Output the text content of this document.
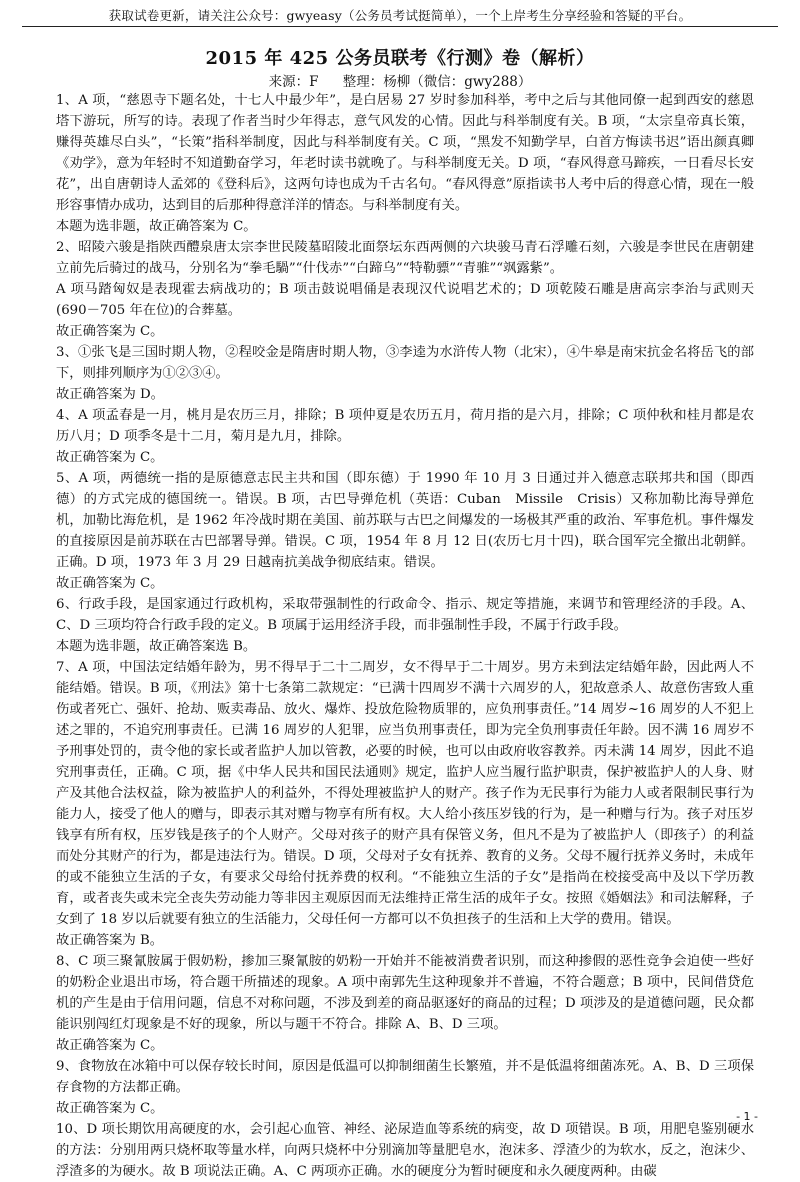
获取试卷更新，请关注公众号：gwyeasy（公务员考试挺简单），一个上岸考生分享经验和答疑的平台。
2015 年 425 公务员联考《行测》卷（解析）
来源：F 整理：杨柳（微信：gwy288）

1、A 项，“慈恩寺下题名处，十七人中最少年”，是白居易 27 岁时参加科举，考中之后与其他同僚一起到西安的慈恩塔下游玩，所写的诗。表现了作者当时少年得志，意气风发的心情。因此与科举制度有关。B 项，“太宗皇帝真长策，赚得英雄尽白头”，“长策”指科举制度，因此与科举制度有关。C 项，“黑发不知勤学早，白首方悔读书迟”语出颜真卿《劝学》，意为年轻时不知道勤奋学习，年老时读书就晚了。与科举制度无关。D 项，“春风得意马蹄疾，一日看尽长安花”，出自唐朝诗人孟郊的《登科后》，这两句诗也成为千古名句。“春风得意”原指读书人考中后的得意心情，现在一般形容事情办成功，达到目的后那种得意洋洋的情态。与科举制度有关。

本题为选非题，故正确答案为 C。

2、昭陵六骏是指陕西醴泉唐太宗李世民陵墓昭陵北面祭坛东西两侧的六块骏马青石浮雕石刻，六骏是李世民在唐朝建立前先后骑过的战马，分别名为“拳毛騧”“什伐赤”“白蹄乌”“特勒骠”“青骓”“飒露紫”。

A 项马踏匈奴是表现霍去病战功的；B 项击鼓说唱俑是表现汉代说唱艺术的；D 项乾陵石雕是唐高宗李治与武则天(690－705 年在位)的合葬墓。

故正确答案为 C。

3、①张飞是三国时期人物，②程咬金是隋唐时期人物，③李逵为水浒传人物（北宋），④牛皋是南宋抗金名将岳飞的部下，则排列顺序为①②③④。

故正确答案为 D。

4、A 项孟春是一月，桃月是农历三月，排除；B 项仲夏是农历五月，荷月指的是六月，排除；C 项仲秋和桂月都是农历八月；D 项季冬是十二月，菊月是九月，排除。

故正确答案为 C。

5、A 项，两德统一指的是原德意志民主共和国（即东德）于 1990 年 10 月 3 日通过并入德意志联邦共和国（即西德）的方式完成的德国统一。错误。B 项，古巴导弹危机（英语：Cuban　Missile　Crisis）又称加勒比海导弹危机，加勒比海危机，是 1962 年冷战时期在美国、前苏联与古巴之间爆发的一场极其严重的政治、军事危机。事件爆发的直接原因是前苏联在古巴部署导弹。错误。C 项，1954 年 8 月 12 日(农历七月十四)，联合国军完全撤出北朝鲜。正确。D 项，1973 年 3 月 29 日越南抗美战争彻底结束。错误。

故正确答案为 C。

6、行政手段，是国家通过行政机构，采取带强制性的行政命令、指示、规定等措施，来调节和管理经济的手段。A、C、D 三项均符合行政手段的定义。B 项属于运用经济手段，而非强制性手段，不属于行政手段。

本题为选非题，故正确答案选 B。

7、A 项，中国法定结婚年龄为，男不得早于二十二周岁，女不得早于二十周岁。男方未到法定结婚年龄，因此两人不能结婚。错误。B 项，《刑法》第十七条第二款规定：“已满十四周岁不满十六周岁的人，犯故意杀人、故意伤害致人重伤或者死亡、强奸、抢劫、贩卖毒品、放火、爆炸、投放危险物质罪的，应负刑事责任。”14 周岁~16 周岁的人不犯上述之罪的，不追究刑事责任。已满 16 周岁的人犯罪，应当负刑事责任，即为完全负刑事责任年龄。因不满 16 周岁不予刑事处罚的，责令他的家长或者监护人加以管教，必要的时候，也可以由政府收容教养。丙未满 14 周岁，因此不追究刑事责任，正确。C 项，据《中华人民共和国民法通则》规定，监护人应当履行监护职责，保护被监护人的人身、财产及其他合法权益，除为被监护人的利益外，不得处理被监护人的财产。孩子作为无民事行为能力人或者限制民事行为能力人，接受了他人的赠与，即表示其对赠与物享有所有权。大人给小孩压岁钱的行为，是一种赠与行为。孩子对压岁钱享有所有权，压岁钱是孩子的个人财产。父母对孩子的财产具有保管义务，但凡不是为了被监护人（即孩子）的利益而处分其财产的行为，都是违法行为。错误。D 项，父母对子女有抚养、教育的义务。父母不履行抚养义务时，未成年的或不能独立生活的子女，有要求父母给付抚养费的权利。“不能独立生活的子女”是指尚在校接受高中及以下学历教育，或者丧失或未完全丧失劳动能力等非因主观原因而无法维持正常生活的成年子女。按照《婚姻法》和司法解释，子女到了 18 岁以后就要有独立的生活能力，父母任何一方都可以不负担孩子的生活和上大学的费用。错误。

故正确答案为 B。

8、C 项三聚氰胺属于假奶粉，掺加三聚氰胺的奶粉一开始并不能被消费者识别，而这种掺假的恶性竞争会迫使一些好的奶粉企业退出市场，符合题干所描述的现象。A 项中南郭先生这种现象并不普遍，不符合题意；B 项中，民间借贷危机的产生是由于信用问题，信息不对称问题，不涉及到差的商品驱逐好的商品的过程；D 项涉及的是道德问题，民众都能识别闯红灯现象是不好的现象，所以与题干不符合。排除 A、B、D 三项。

故正确答案为 C。

9、食物放在冰箱中可以保存较长时间，原因是低温可以抑制细菌生长繁殖，并不是低温将细菌冻死。A、B、D 三项保存食物的方法都正确。

故正确答案为 C。

10、D 项长期饮用高硬度的水，会引起心血管、神经、泌尿造血等系统的病变，故 D 项错误。B 项，用肥皂鉴别硬水的方法：分别用两只烧杯取等量水样，向两只烧杯中分别滴加等量肥皂水，泡沫多、浮渣少的为软水，反之，泡沫少、浮渣多的为硬水。故 B 项说法正确。A、C 两项亦正确。水的硬度分为暂时硬度和永久硬度两种。由碳

- 1 -
